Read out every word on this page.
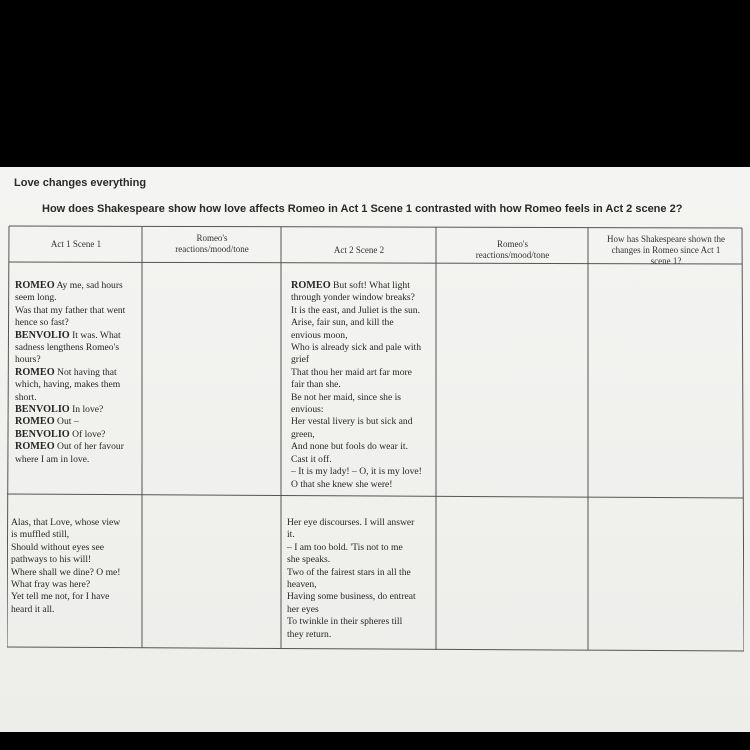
Love changes everything
How does Shakespeare show how love affects Romeo in Act 1 Scene 1 contrasted with how Romeo feels in Act 2 scene 2?
Act 1 Scene 1
Romeo's
reactions/mood/tone	Act 2 Scene 2
Romeo's
reactions/mood/tone
How has Shakespeare shown the
changes in Romeo since Act 1
scene 1?
ROMEO Ay me, sad hours
seem long.
Was that my father that went
hence so fast?
BENVOLIO It was. What
sadness lengthens Romeo's
hours?
ROMEO Not having that
which, having, makes them
short.
BENVOLIO In love?
ROMEO Out –
BENVOLIO Of love?
ROMEO Out of her favour
where I am in love.
ROMEO But soft! What light
through yonder window breaks?
It is the east, and Juliet is the sun.
Arise, fair sun, and kill the
envious moon,
Who is already sick and pale with
grief
That thou her maid art far more
fair than she.
Be not her maid, since she is
envious:
Her vestal livery is but sick and
green,
And none but fools do wear it.
Cast it off.
– It is my lady! – O, it is my love!
O that she knew she were!
Alas, that Love, whose view
is muffled still,
Should without eyes see
pathways to his will!
Where shall we dine? O me!
What fray was here?
Yet tell me not, for I have
heard it all.
Her eye discourses. I will answer
it.
– I am too bold. 'Tis not to me
she speaks.
Two of the fairest stars in all the
heaven,
Having some business, do entreat
her eyes
To twinkle in their spheres till
they return.
